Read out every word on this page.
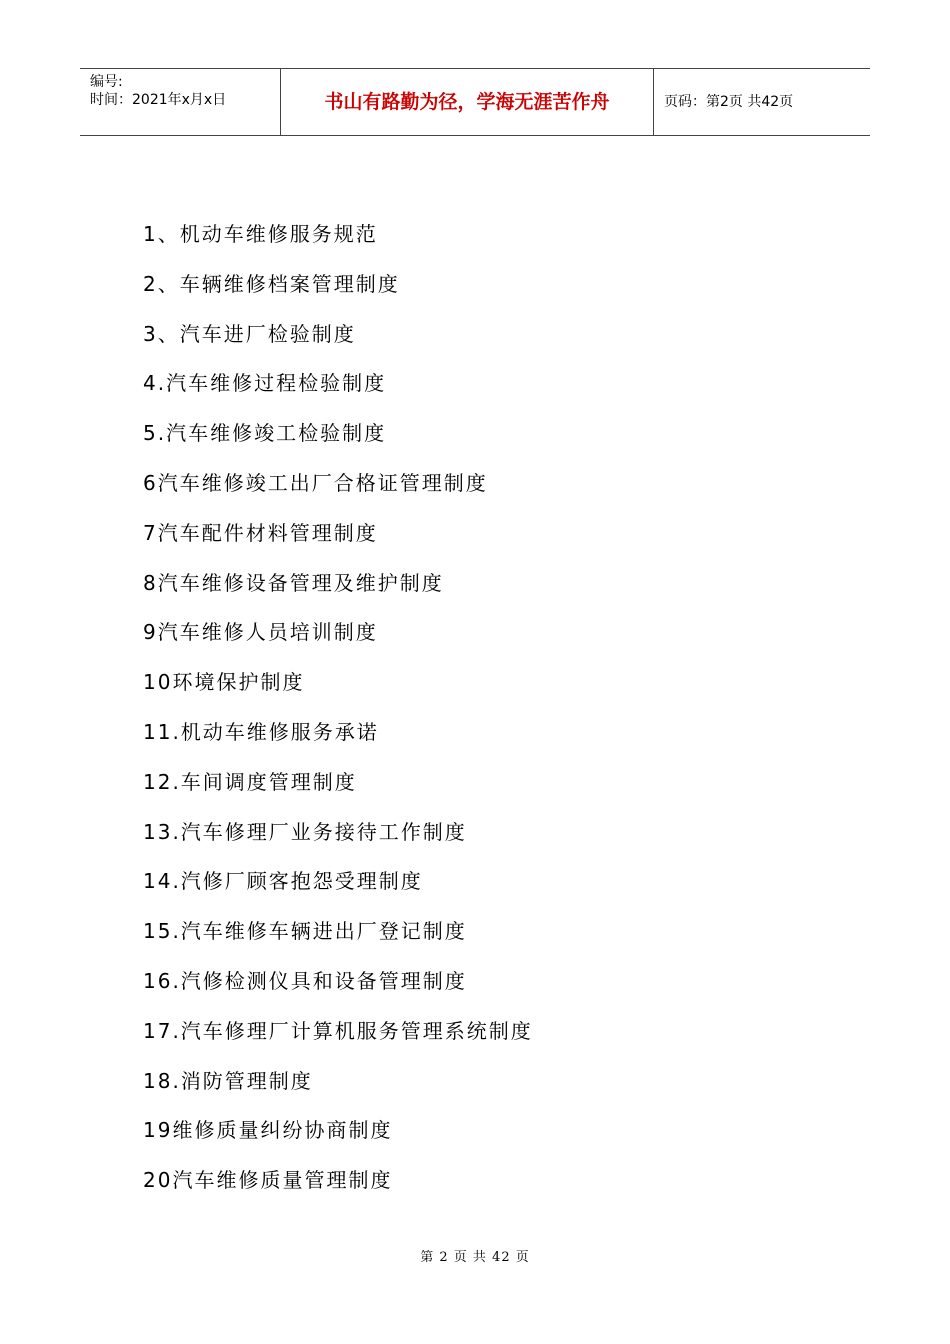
编号:
时间：2021年x月x日	书山有路勤为径，学海无涯苦作舟	页码：第2页 共42页
1、机动车维修服务规范
2、车辆维修档案管理制度
3、汽车进厂检验制度
4.汽车维修过程检验制度
5.汽车维修竣工检验制度
6汽车维修竣工出厂合格证管理制度
7汽车配件材料管理制度
8汽车维修设备管理及维护制度
9汽车维修人员培训制度
10环境保护制度
11.机动车维修服务承诺
12.车间调度管理制度
13.汽车修理厂业务接待工作制度
14.汽修厂顾客抱怨受理制度
15.汽车维修车辆进出厂登记制度
16.汽修检测仪具和设备管理制度
17.汽车修理厂计算机服务管理系统制度
18.消防管理制度
19维修质量纠纷协商制度
20汽车维修质量管理制度
第 2 页 共 42 页
